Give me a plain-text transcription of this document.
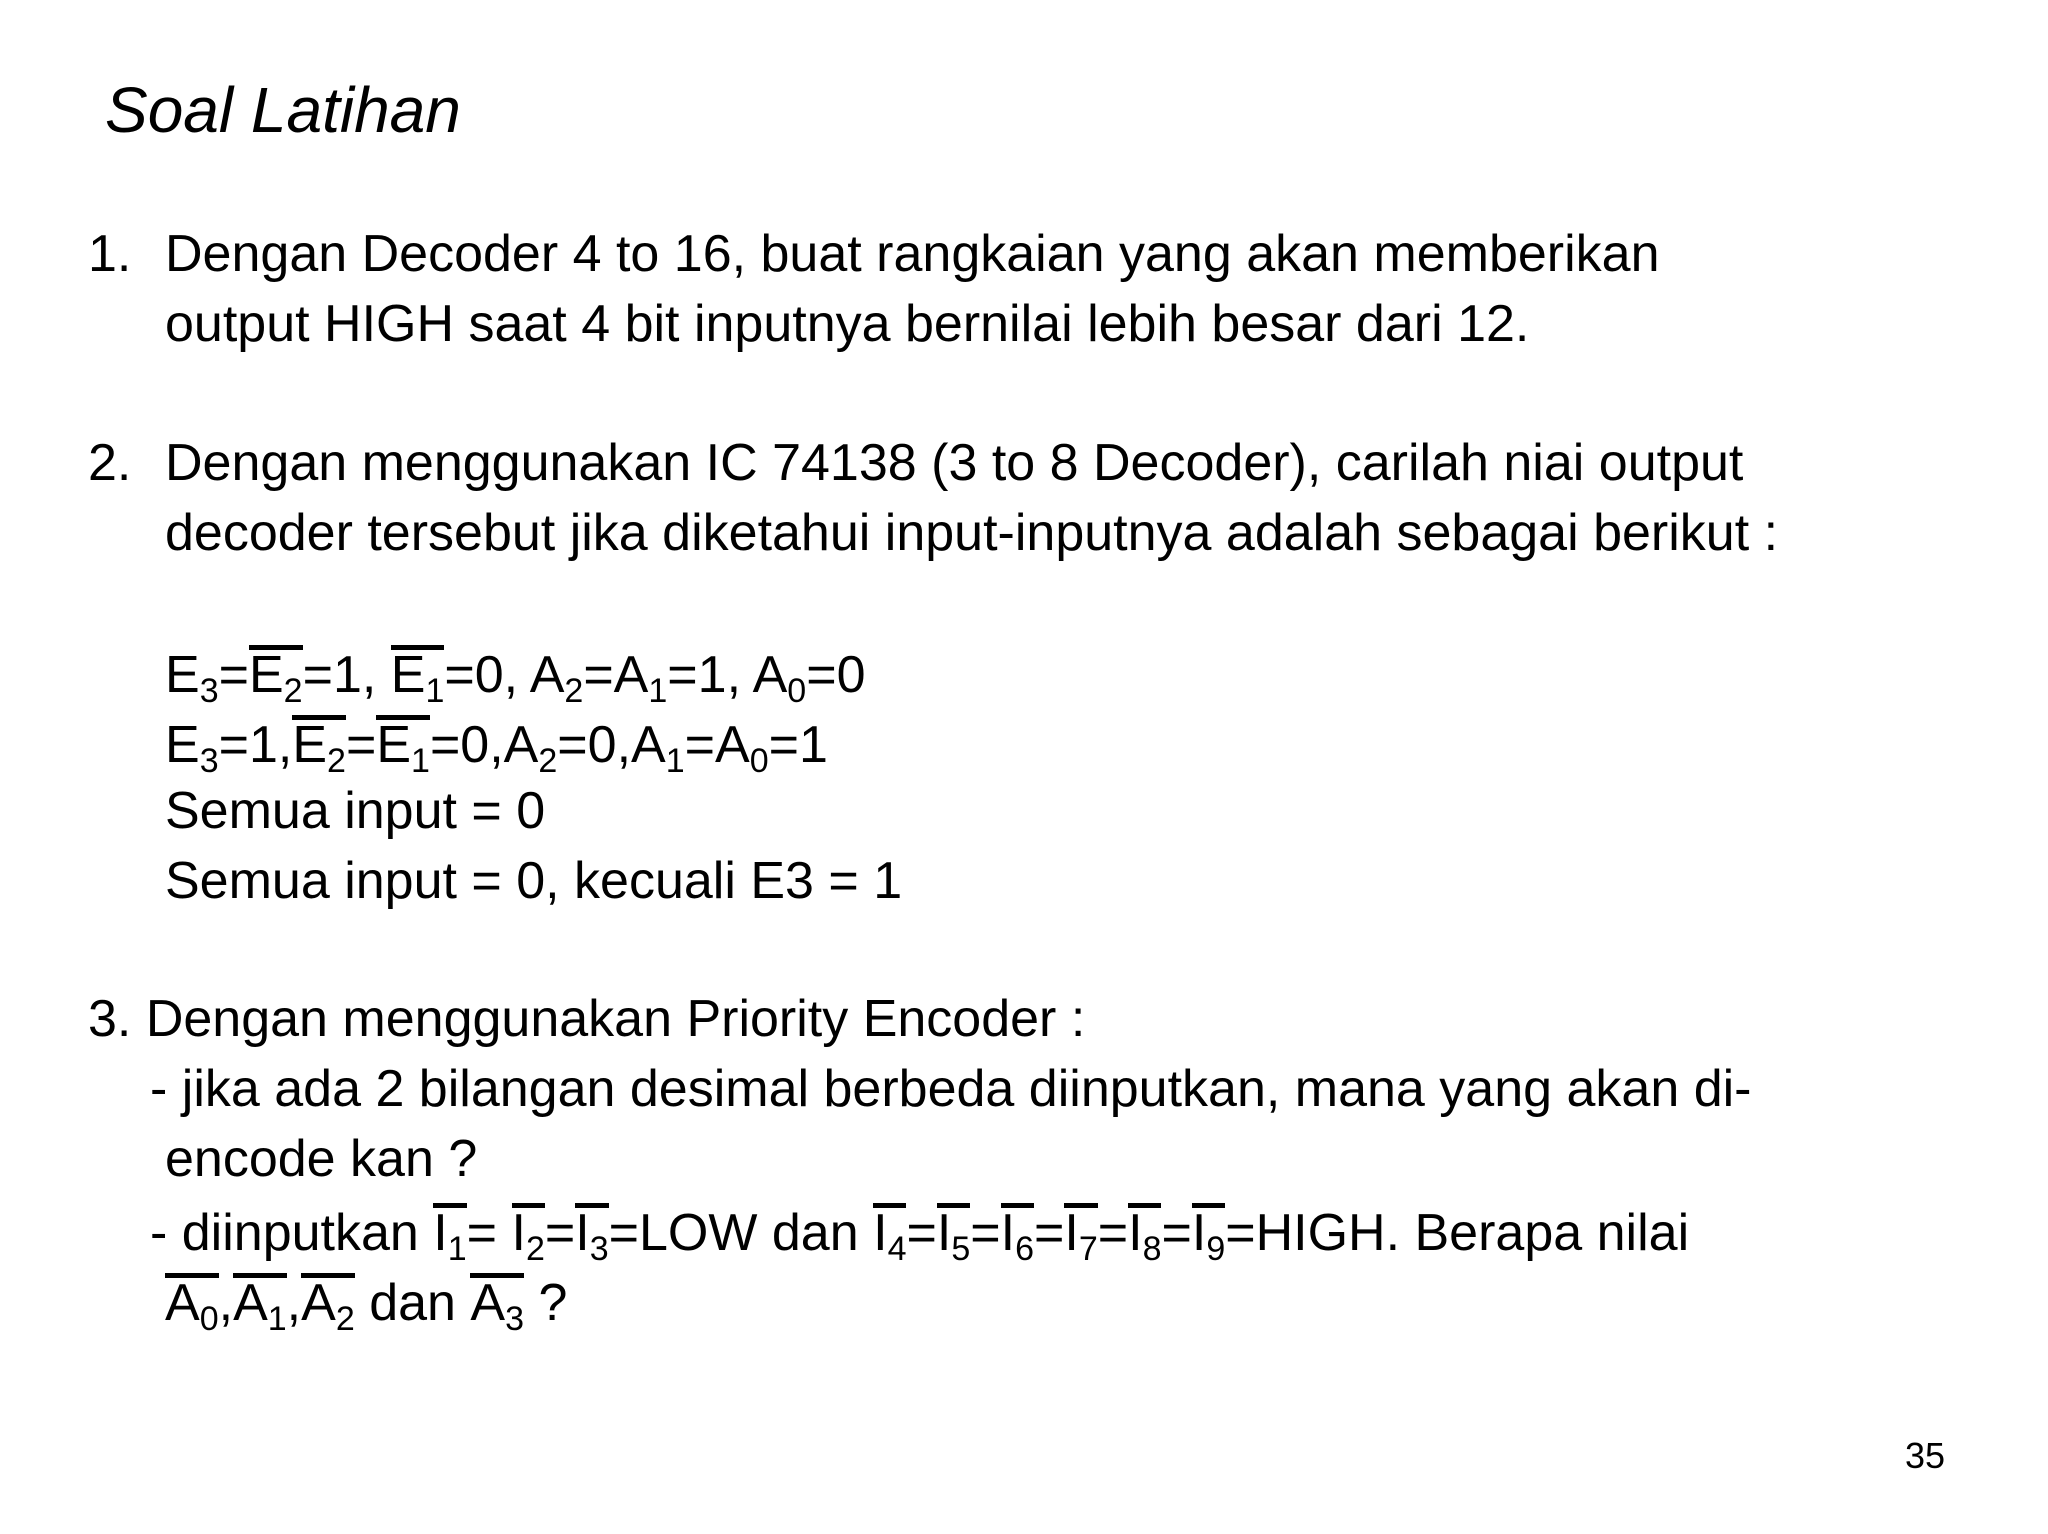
Soal Latihan
1. Dengan Decoder 4 to 16, buat rangkaian yang akan memberikan
output HIGH saat 4 bit inputnya bernilai lebih besar dari 12.
2. Dengan menggunakan IC 74138 (3 to 8 Decoder), carilah niai output
decoder tersebut jika diketahui input-inputnya adalah sebagai berikut :
$E_3=E_2=1$, $E_1=0$, $A_2=A_1=1$, $A_0=0$
$E_3=1,E_2=E_1=0,A_2=0,A_1=A_0=1$
Semua input = 0
Semua input = 0, kecuali E3 = 1
3. Dengan menggunakan Priority Encoder :
- jika ada 2 bilangan desimal berbeda diinputkan, mana yang akan di-
encode kan ?
- diinputkan $I_1= I_2=I_3=LOW$ dan $I_4=I_5=I_6=I_7=I_8=I_9=HIGH$. Berapa nilai
$A_0,A_1,A_2$ dan $A_3$ ?
35
